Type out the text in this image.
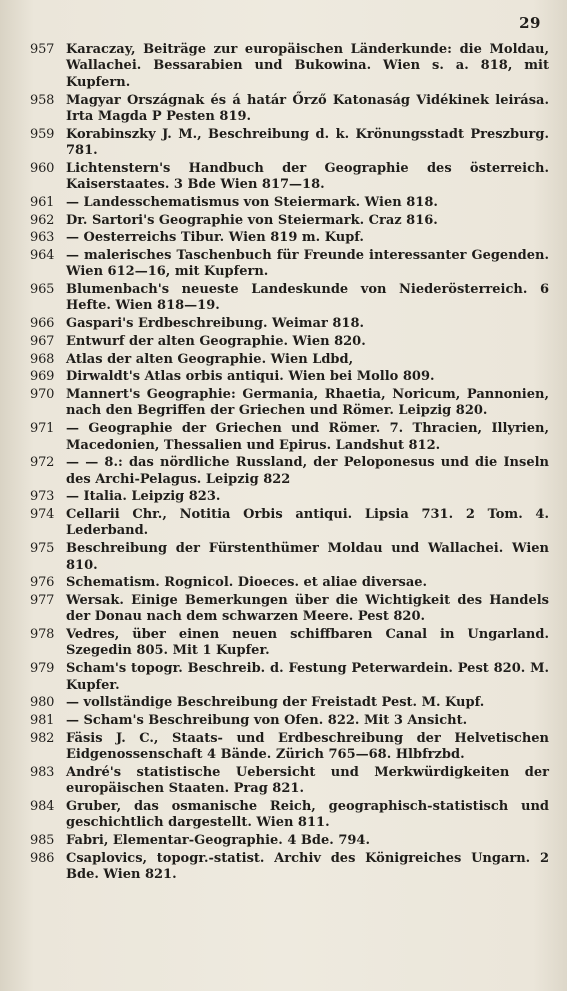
29
957 Karaczay, Beiträge zur europäischen Länderkunde: die Moldau, Wallachei. Bessarabien und Bukowina. Wien s. a. 818, mit Kupfern.
958 Magyar Országnak és á határ Őrző Katonaság Vidékinek leirása. Irta Magda P Pesten 819.
959 Korabinszky J. M., Beschreibung d. k. Krönungsstadt Preszburg. 781.
960 Lichtenstern's Handbuch der Geographie des österreich. Kaiserstaates. 3 Bde Wien 817—18.
961 — Landesschematismus von Steiermark. Wien 818.
962 Dr. Sartori's Geographie von Steiermark. Craz 816.
963 — Oesterreichs Tibur. Wien 819 m. Kupf.
964 — malerisches Taschenbuch für Freunde interessanter Gegenden. Wien 612—16, mit Kupfern.
965 Blumenbach's neueste Landeskunde von Niederösterreich. 6 Hefte. Wien 818—19.
966 Gaspari's Erdbeschreibung. Weimar 818.
967 Entwurf der alten Geographie. Wien 820.
968 Atlas der alten Geographie. Wien Ldbd,
969 Dirwaldt's Atlas orbis antiqui. Wien bei Mollo 809.
970 Mannert's Geographie: Germania, Rhaetia, Noricum, Pannonien, nach den Begriffen der Griechen und Römer. Leipzig 820.
971 — Geographie der Griechen und Römer. 7. Thracien, Illyrien, Macedonien, Thessalien und Epirus. Landshut 812.
972 — — 8.: das nördliche Russland, der Peloponesus und die Inseln des Archi-Pelagus. Leipzig 822
973 — Italia. Leipzig 823.
974 Cellarii Chr., Notitia Orbis antiqui. Lipsia 731. 2 Tom. 4. Lederband.
975 Beschreibung der Fürstenthümer Moldau und Wallachei. Wien 810.
976 Schematism. Rognicol. Dioeces. et aliae diversae.
977 Wersak. Einige Bemerkungen über die Wichtigkeit des Handels der Donau nach dem schwarzen Meere. Pest 820.
978 Vedres, über einen neuen schiffbaren Canal in Ungarland. Szegedin 805. Mit 1 Kupfer.
979 Scham's topogr. Beschreib. d. Festung Peterwardein. Pest 820. M. Kupfer.
980 — vollständige Beschreibung der Freistadt Pest. M. Kupf.
981 — Scham's Beschreibung von Ofen. 822. Mit 3 Ansicht.
982 Fäsis J. C., Staats- und Erdbeschreibung der Helvetischen Eidgenossenschaft 4 Bände. Zürich 765—68. Hlbfrzbd.
983 André's statistische Uebersicht und Merkwürdigkeiten der europäischen Staaten. Prag 821.
984 Gruber, das osmanische Reich, geographisch-statistisch und geschichtlich dargestellt. Wien 811.
985 Fabri, Elementar-Geographie. 4 Bde. 794.
986 Csaplovics, topogr.-statist. Archiv des Königreiches Ungarn. 2 Bde. Wien 821.
